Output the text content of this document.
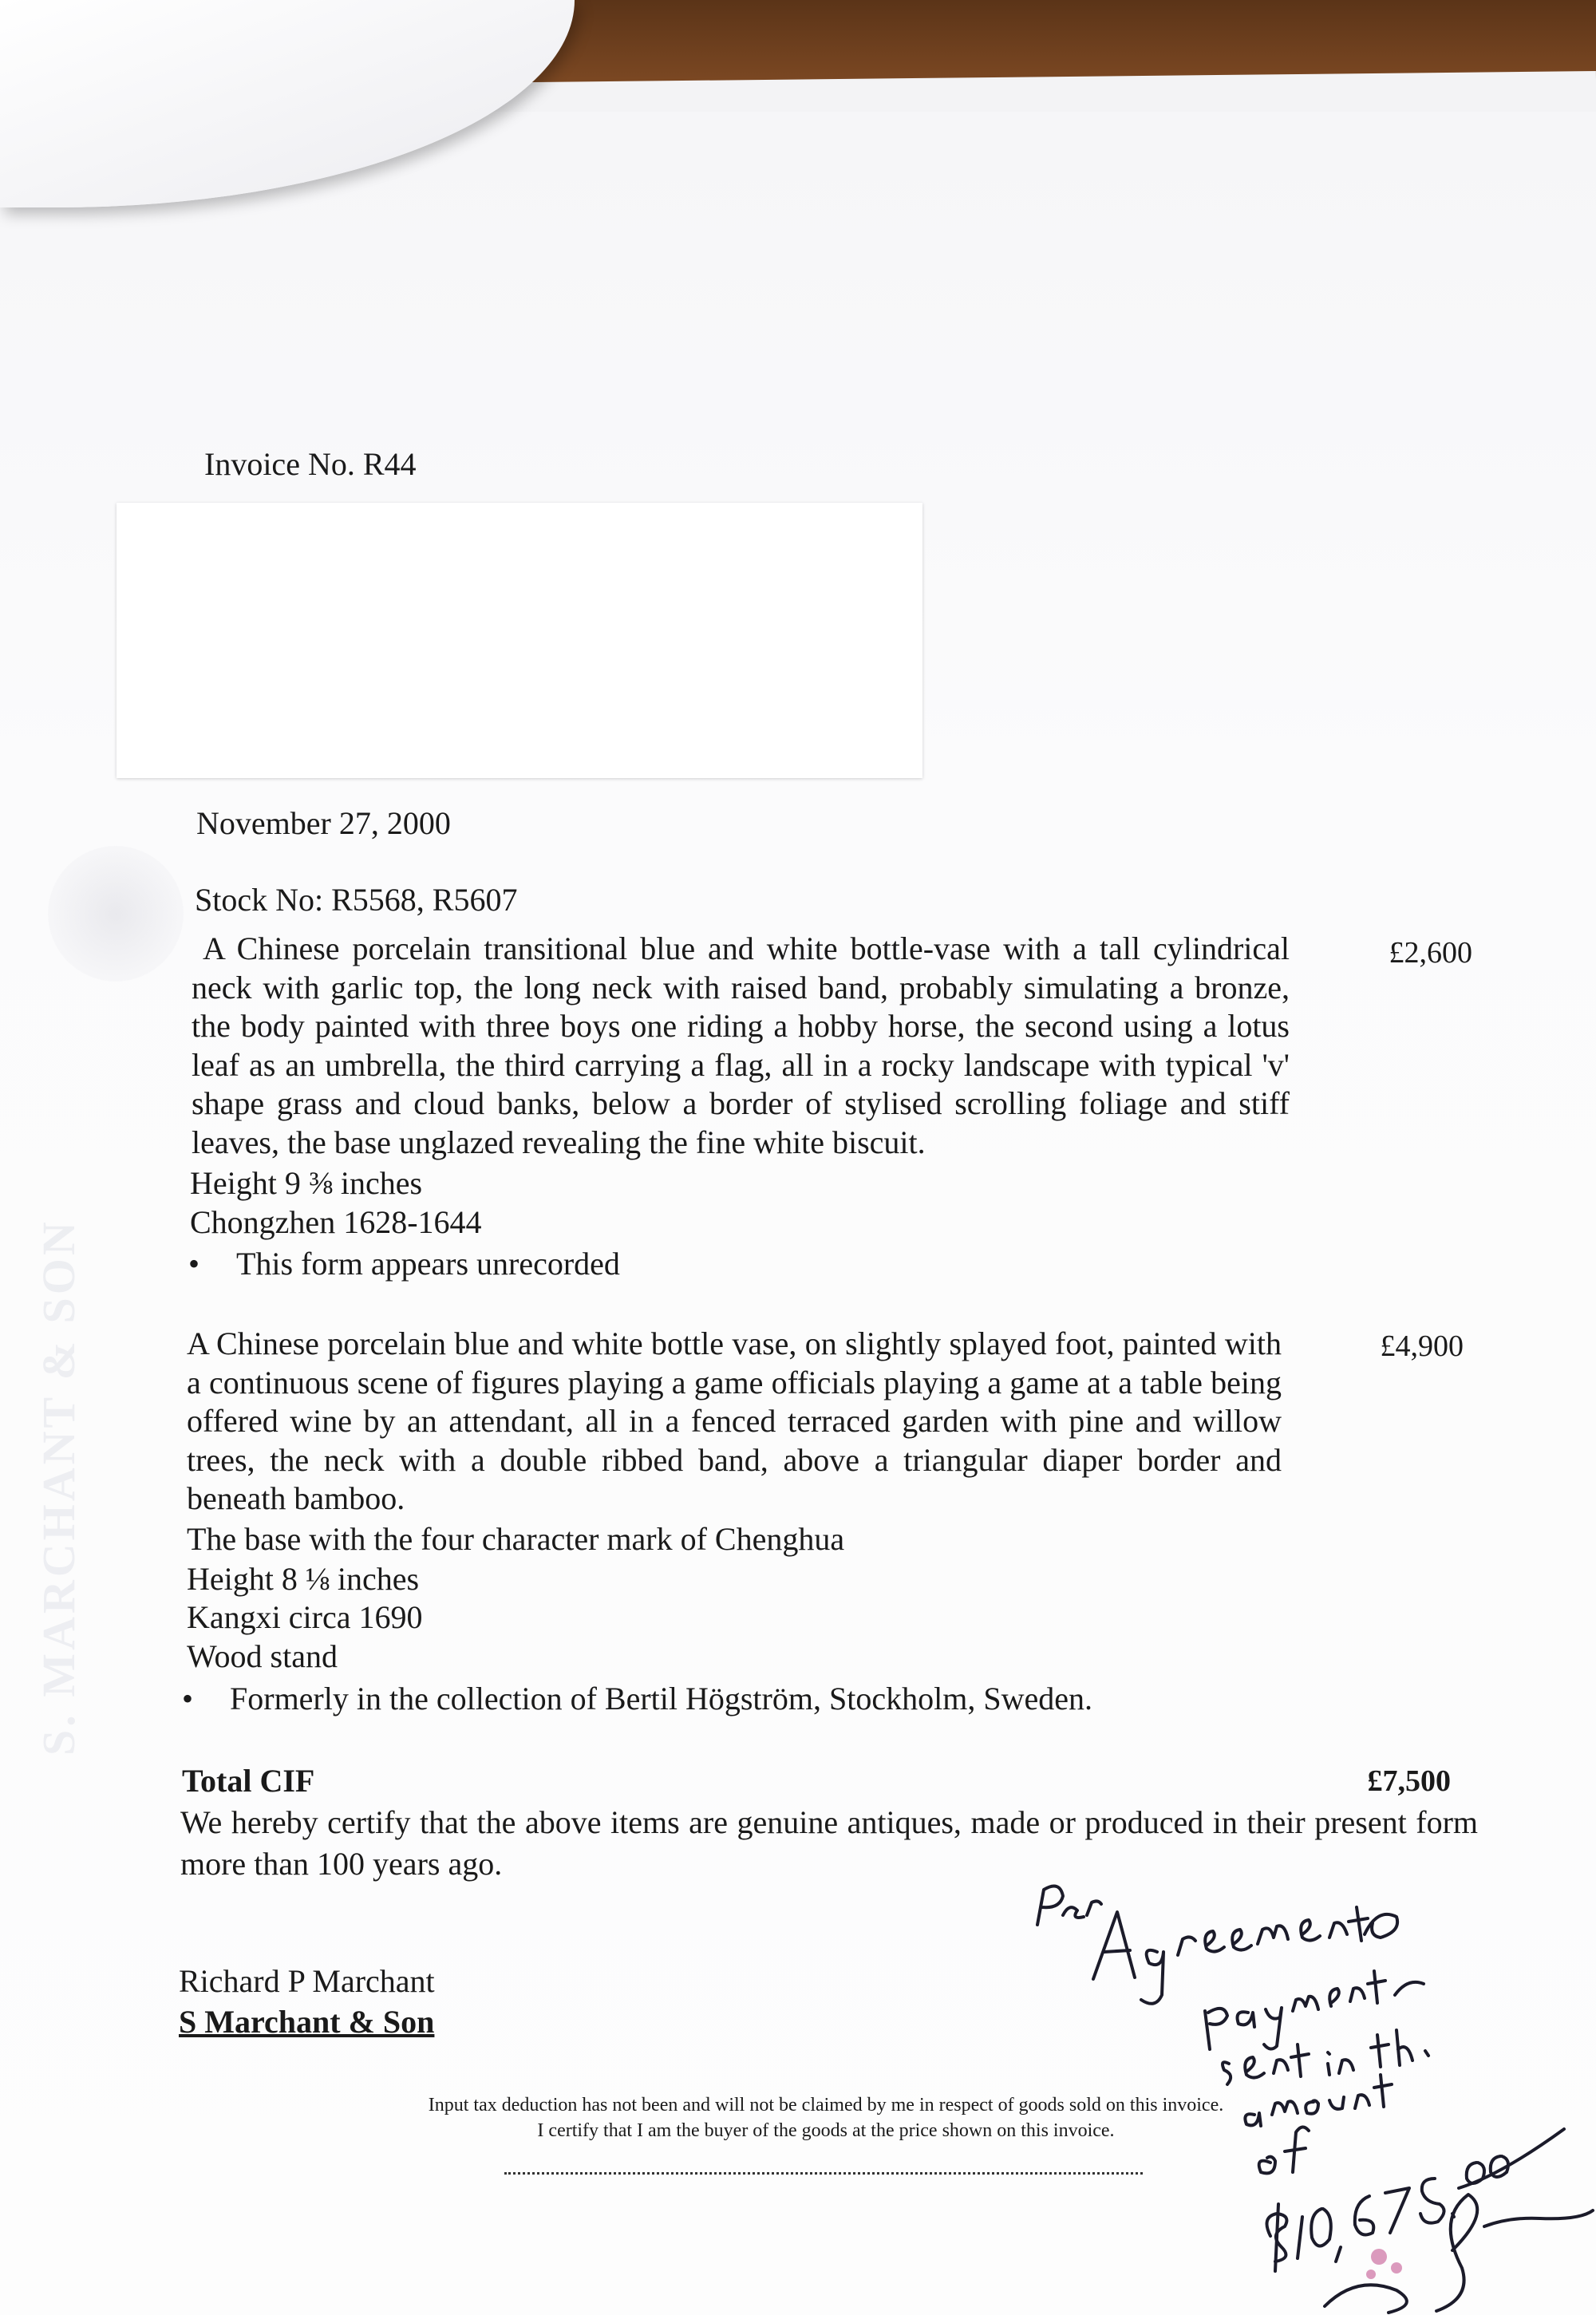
S. MARCHANT & SON
Invoice No. R44
November 27, 2000
Stock No: R5568, R5607
A Chinese porcelain transitional blue and white bottle-vase with a tall cylindrical neck with garlic top, the long neck with raised band, probably simulating a bronze, the body painted with three boys one riding a hobby horse, the second using a lotus leaf as an umbrella, the third carrying a flag, all in a rocky landscape with typical 'v' shape grass and cloud banks, below a border of stylised scrolling foliage and stiff leaves, the base unglazed revealing the fine white biscuit.
£2,600
Height 9 ⅜ inches
Chongzhen 1628-1644
• This form appears unrecorded
A Chinese porcelain blue and white bottle vase, on slightly splayed foot, painted with a continuous scene of figures playing a game officials playing a game at a table being offered wine by an attendant, all in a fenced terraced garden with pine and willow trees, the neck with a double ribbed band, above a triangular diaper border and beneath bamboo.
£4,900
The base with the four character mark of Chenghua
Height 8 ⅛ inches
Kangxi circa 1690
Wood stand
• Formerly in the collection of Bertil Högström, Stockholm, Sweden.
Total CIF	£7,500
We hereby certify that the above items are genuine antiques, made or produced in their present form more than 100 years ago.
Richard P Marchant
S Marchant & Son
Input tax deduction has not been and will not be claimed by me in respect of goods sold on this invoice.
I certify that I am the buyer of the goods at the price shown on this invoice.
